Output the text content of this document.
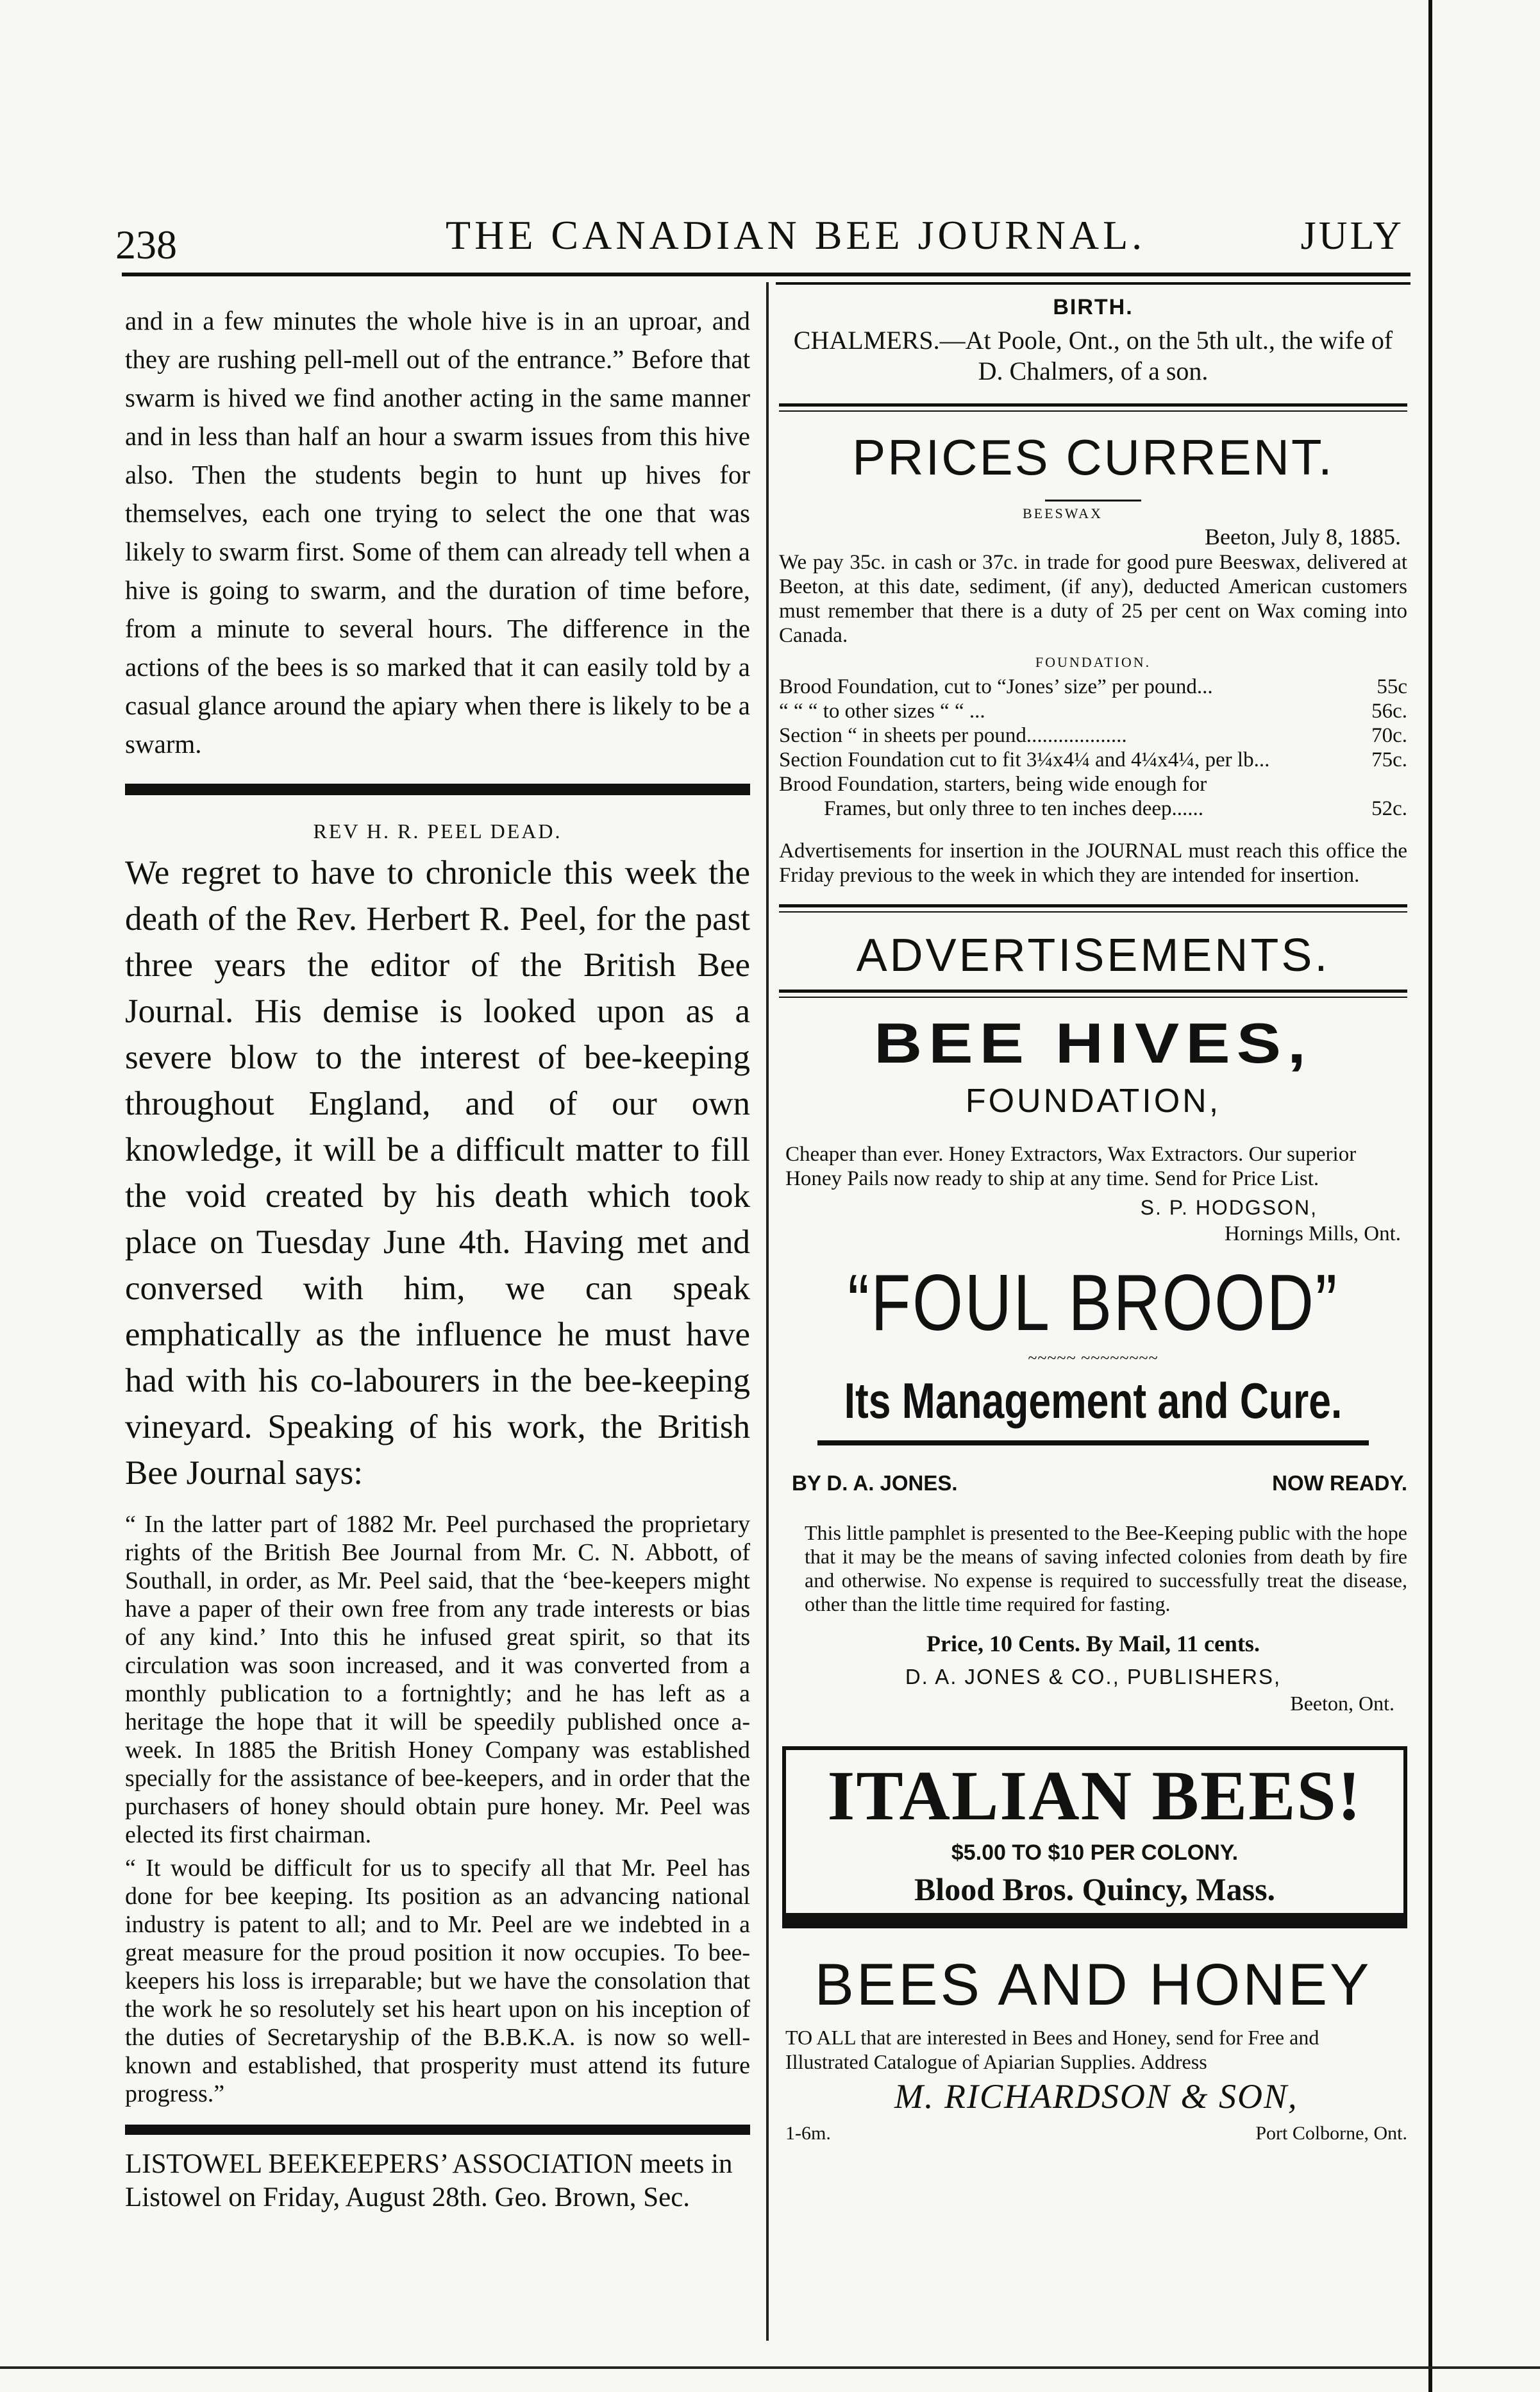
238	THE CANADIAN BEE JOURNAL.	JULY

and in a few minutes the whole hive is in an uproar, and they are rushing pell-mell out of the entrance.” Before that swarm is hived we find another acting in the same manner and in less than half an hour a swarm issues from this hive also. Then the students begin to hunt up hives for themselves, each one trying to select the one that was likely to swarm first. Some of them can already tell when a hive is going to swarm, and the duration of time before, from a minute to several hours. The difference in the actions of the bees is so marked that it can easily told by a casual glance around the apiary when there is likely to be a swarm.

REV H. R. PEEL DEAD.

We regret to have to chronicle this week the death of the Rev. Herbert R. Peel, for the past three years the editor of the British Bee Journal. His demise is looked upon as a severe blow to the interest of bee-keeping throughout England, and of our own knowledge, it will be a difficult matter to fill the void created by his death which took place on Tuesday June 4th. Having met and conversed with him, we can speak emphatically as the influence he must have had with his co-labourers in the bee-keeping vineyard. Speaking of his work, the British Bee Journal says:

“ In the latter part of 1882 Mr. Peel purchased the proprietary rights of the British Bee Journal from Mr. C. N. Abbott, of Southall, in order, as Mr. Peel said, that the ‘bee-keepers might have a paper of their own free from any trade interests or bias of any kind.’ Into this he infused great spirit, so that its circulation was soon increased, and it was converted from a monthly publication to a fortnightly; and he has left as a heritage the hope that it will be speedily published once a-week. In 1885 the British Honey Company was established specially for the assistance of bee-keepers, and in order that the purchasers of honey should obtain pure honey. Mr. Peel was elected its first chairman.

“ It would be difficult for us to specify all that Mr. Peel has done for bee keeping. Its position as an advancing national industry is patent to all; and to Mr. Peel are we indebted in a great measure for the proud position it now occupies. To bee-keepers his loss is irreparable; but we have the consolation that the work he so resolutely set his heart upon on his inception of the duties of Secretaryship of the B.B.K.A. is now so well-known and established, that prosperity must attend its future progress.”

LISTOWEL BEEKEEPERS’ ASSOCIATION meets in Listowel on Friday, August 28th. Geo. Brown, Sec.

BIRTH.

CHALMERS.—At Poole, Ont., on the 5th ult., the wife of D. Chalmers, of a son.

PRICES CURRENT.

BEESWAX
Beeton, July 8, 1885.

We pay 35c. in cash or 37c. in trade for good pure Beeswax, delivered at Beeton, at this date, sediment, (if any), deducted American customers must remember that there is a duty of 25 per cent on Wax coming into Canada.

FOUNDATION.

Brood Foundation, cut to “Jones’ size” per pound...	55c
“ “ “ to other sizes “ “ ...	56c.
Section “ in sheets per pound...................	70c.
Section Foundation cut to fit 3¼x4¼ and 4¼x4¼, per lb...	75c.
Brood Foundation, starters, being wide enough for
Frames, but only three to ten inches deep......	52c.

Advertisements for insertion in the JOURNAL must reach this office the Friday previous to the week in which they are intended for insertion.

ADVERTISEMENTS.

BEE HIVES,

FOUNDATION,

Cheaper than ever. Honey Extractors, Wax Extractors. Our superior Honey Pails now ready to ship at any time. Send for Price List.

S. P. HODGSON,

Hornings Mills, Ont.

“FOUL BROOD”

~~~~~ ~~~~~~~~

Its Management and Cure.

BY D. A. JONES.	NOW READY.

This little pamphlet is presented to the Bee-Keeping public with the hope that it may be the means of saving infected colonies from death by fire and otherwise. No expense is required to successfully treat the disease, other than the little time required for fasting.

Price, 10 Cents. By Mail, 11 cents.

D. A. JONES & CO., PUBLISHERS,

Beeton, Ont.

ITALIAN BEES!

$5.00 TO $10 PER COLONY.

Blood Bros. Quincy, Mass.

BEES AND HONEY

TO ALL that are interested in Bees and Honey, send for Free and Illustrated Catalogue of Apiarian Supplies. Address

M. RICHARDSON & SON,

1-6m.	Port Colborne, Ont.
